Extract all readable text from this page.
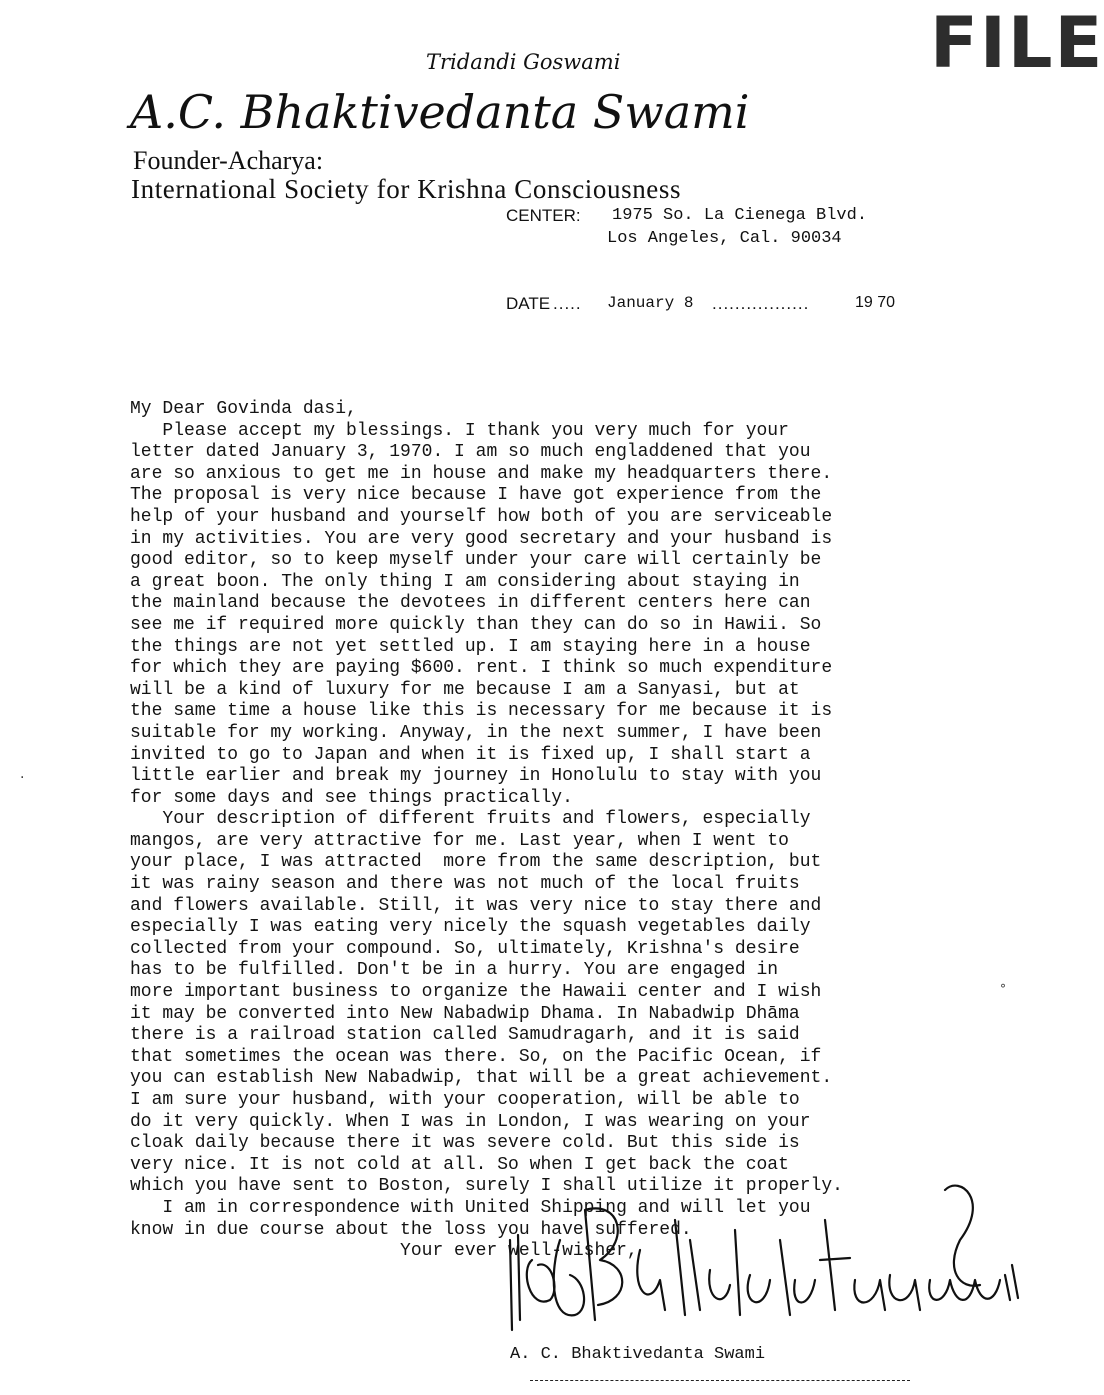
FILE
Tridandi Goswami
A.C. Bhaktivedanta Swami
Founder-Acharya:
International Society for Krishna Consciousness
CENTER: 1975 So. La Cienega Blvd.
Los Angeles, Cal. 90034
DATE ..... January 8 .................	19 70
My Dear Govinda dasi,
Please accept my blessings. I thank you very much for your
letter dated January 3, 1970. I am so much engladdened that you
are so anxious to get me in house and make my headquarters there.
The proposal is very nice because I have got experience from the
help of your husband and yourself how both of you are serviceable
in my activities. You are very good secretary and your husband is
good editor, so to keep myself under your care will certainly be
a great boon. The only thing I am considering about staying in
the mainland because the devotees in different centers here can
see me if required more quickly than they can do so in Hawii. So
the things are not yet settled up. I am staying here in a house
for which they are paying $600. rent. I think so much expenditure
will be a kind of luxury for me because I am a Sanyasi, but at
the same time a house like this is necessary for me because it is
suitable for my working. Anyway, in the next summer, I have been
invited to go to Japan and when it is fixed up, I shall start a
little earlier and break my journey in Honolulu to stay with you
for some days and see things practically.
Your description of different fruits and flowers, especially
mangos, are very attractive for me. Last year, when I went to
your place, I was attracted  more from the same description, but
it was rainy season and there was not much of the local fruits
and flowers available. Still, it was very nice to stay there and
especially I was eating very nicely the squash vegetables daily
collected from your compound. So, ultimately, Krishna's desire
has to be fulfilled. Don't be in a hurry. You are engaged in
more important business to organize the Hawaii center and I wish
it may be converted into New Nabadwip Dhama. In Nabadwip Dhāma
there is a railroad station called Samudragarh, and it is said
that sometimes the ocean was there. So, on the Pacific Ocean, if
you can establish New Nabadwip, that will be a great achievement.
I am sure your husband, with your cooperation, will be able to
do it very quickly. When I was in London, I was wearing on your
cloak daily because there it was severe cold. But this side is
very nice. It is not cold at all. So when I get back the coat
which you have sent to Boston, surely I shall utilize it properly.
I am in correspondence with United Shipping and will let you
know in due course about the loss you have suffered.
Your ever well-wisher,
A. C. Bhaktivedanta Swami
·
°
